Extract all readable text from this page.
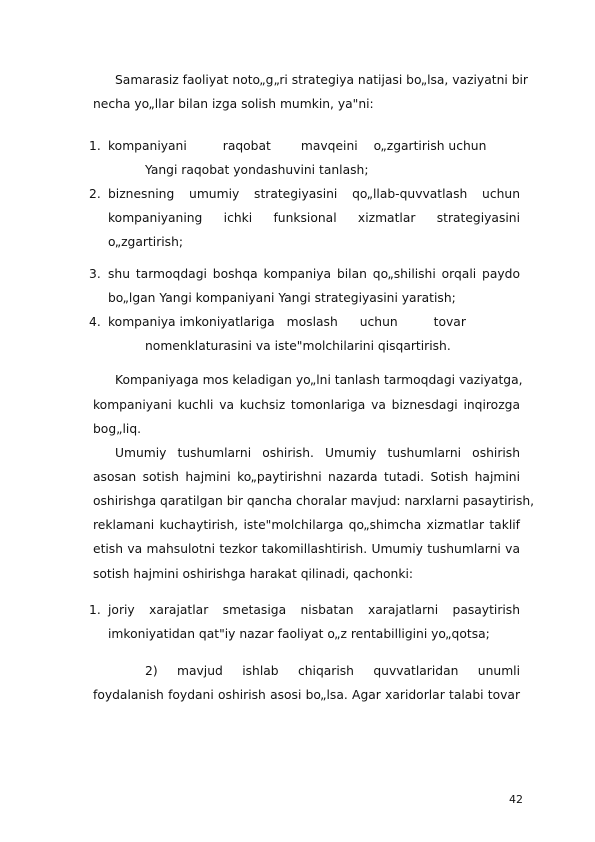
Samarasiz faoliyat noto„g„ri strategiya natijasi bo„lsa, vaziyatni bir
necha yo„llar bilan izga solish mumkin, ya"ni:
1. kompaniyani	raqobat mavqeini o„zgartirish uchun
Yangi raqobat yondashuvini tanlash;
2. biznesning umumiy strategiyasini qo„llab-quvvatlash uchun
kompaniyaning ichki funksional xizmatlar strategiyasini
o„zgartirish;
3. shu tarmoqdagi boshqa kompaniya bilan qo„shilishi orqali paydo
bo„lgan Yangi kompaniyani Yangi strategiyasini yaratish;
4. kompaniya imkoniyatlariga moslash uchun	tovar
nomenklaturasini va iste"molchilarini qisqartirish.
Kompaniyaga mos keladigan yo„lni tanlash tarmoqdagi vaziyatga,
kompaniyani kuchli va kuchsiz tomonlariga va biznesdagi inqirozga
bog„liq.
Umumiy tushumlarni oshirish. Umumiy tushumlarni oshirish
asosan sotish hajmini ko„paytirishni nazarda tutadi. Sotish hajmini
oshirishga qaratilgan bir qancha choralar mavjud: narxlarni pasaytirish,
reklamani kuchaytirish, iste"molchilarga qo„shimcha xizmatlar taklif
etish va mahsulotni tezkor takomillashtirish. Umumiy tushumlarni va
sotish hajmini oshirishga harakat qilinadi, qachonki:
1. joriy xarajatlar smetasiga nisbatan xarajatlarni pasaytirish
imkoniyatidan qat"iy nazar faoliyat o„z rentabilligini yo„qotsa;
2) mavjud ishlab chiqarish quvvatlaridan unumli
foydalanish foydani oshirish asosi bo„lsa. Agar xaridorlar talabi tovar
42
